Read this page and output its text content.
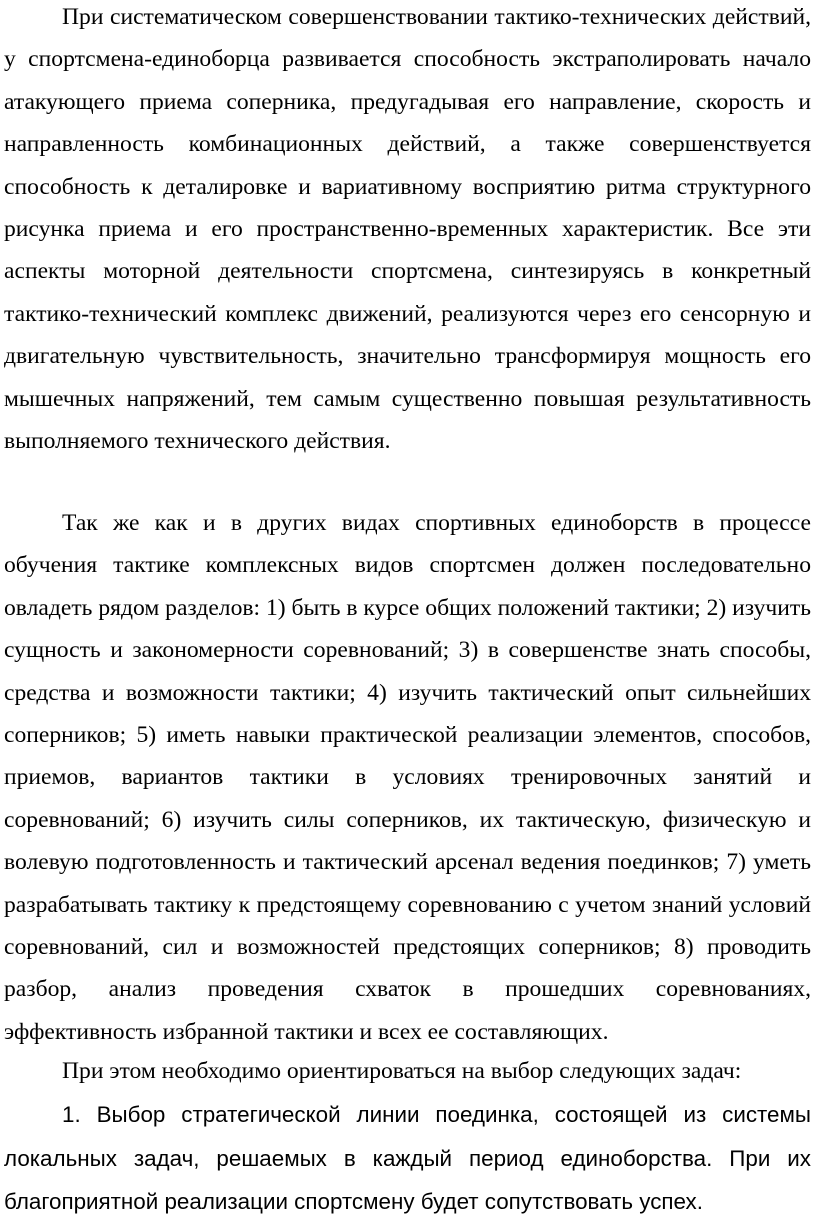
При систематическом совершенствовании тактико-технических действий, у спортсмена-единоборца развивается способность экстраполировать начало атакующего приема соперника, предугадывая его направление, скорость и направленность комбинационных действий, а также совершенствуется способность к деталировке и вариативному восприятию ритма структурного рисунка приема и его пространственно-временных характеристик. Все эти аспекты моторной деятельности спортсмена, синтезируясь в конкретный тактико-технический комплекс движений, реализуются через его сенсорную и двигательную чувствительность, значительно трансформируя мощность его мышечных напряжений, тем самым существенно повышая результативность выполняемого технического действия.

Так же как и в других видах спортивных единоборств в процессе обучения тактике комплексных видов спортсмен должен последовательно овладеть рядом разделов: 1) быть в курсе общих положений тактики; 2) изучить сущность и закономерности соревнований; 3) в совершенстве знать способы, средства и возможности тактики; 4) изучить тактический опыт сильнейших соперников; 5) иметь навыки практической реализации элементов, способов, приемов, вариантов тактики в условиях тренировочных занятий и соревнований; 6) изучить силы соперников, их тактическую, физическую и волевую подготовленность и тактический арсенал ведения поединков; 7) уметь разрабатывать тактику к предстоящему соревнованию с учетом знаний условий соревнований, сил и возможностей предстоящих соперников; 8) проводить разбор, анализ проведения схваток в прошедших соревнованиях, эффективность избранной тактики и всех ее составляющих.

При этом необходимо ориентироваться на выбор следующих задач:

1. Выбор стратегической линии поединка, состоящей из системы локальных задач, решаемых в каждый период единоборства. При их благоприятной реализации спортсмену будет сопутствовать успех.
